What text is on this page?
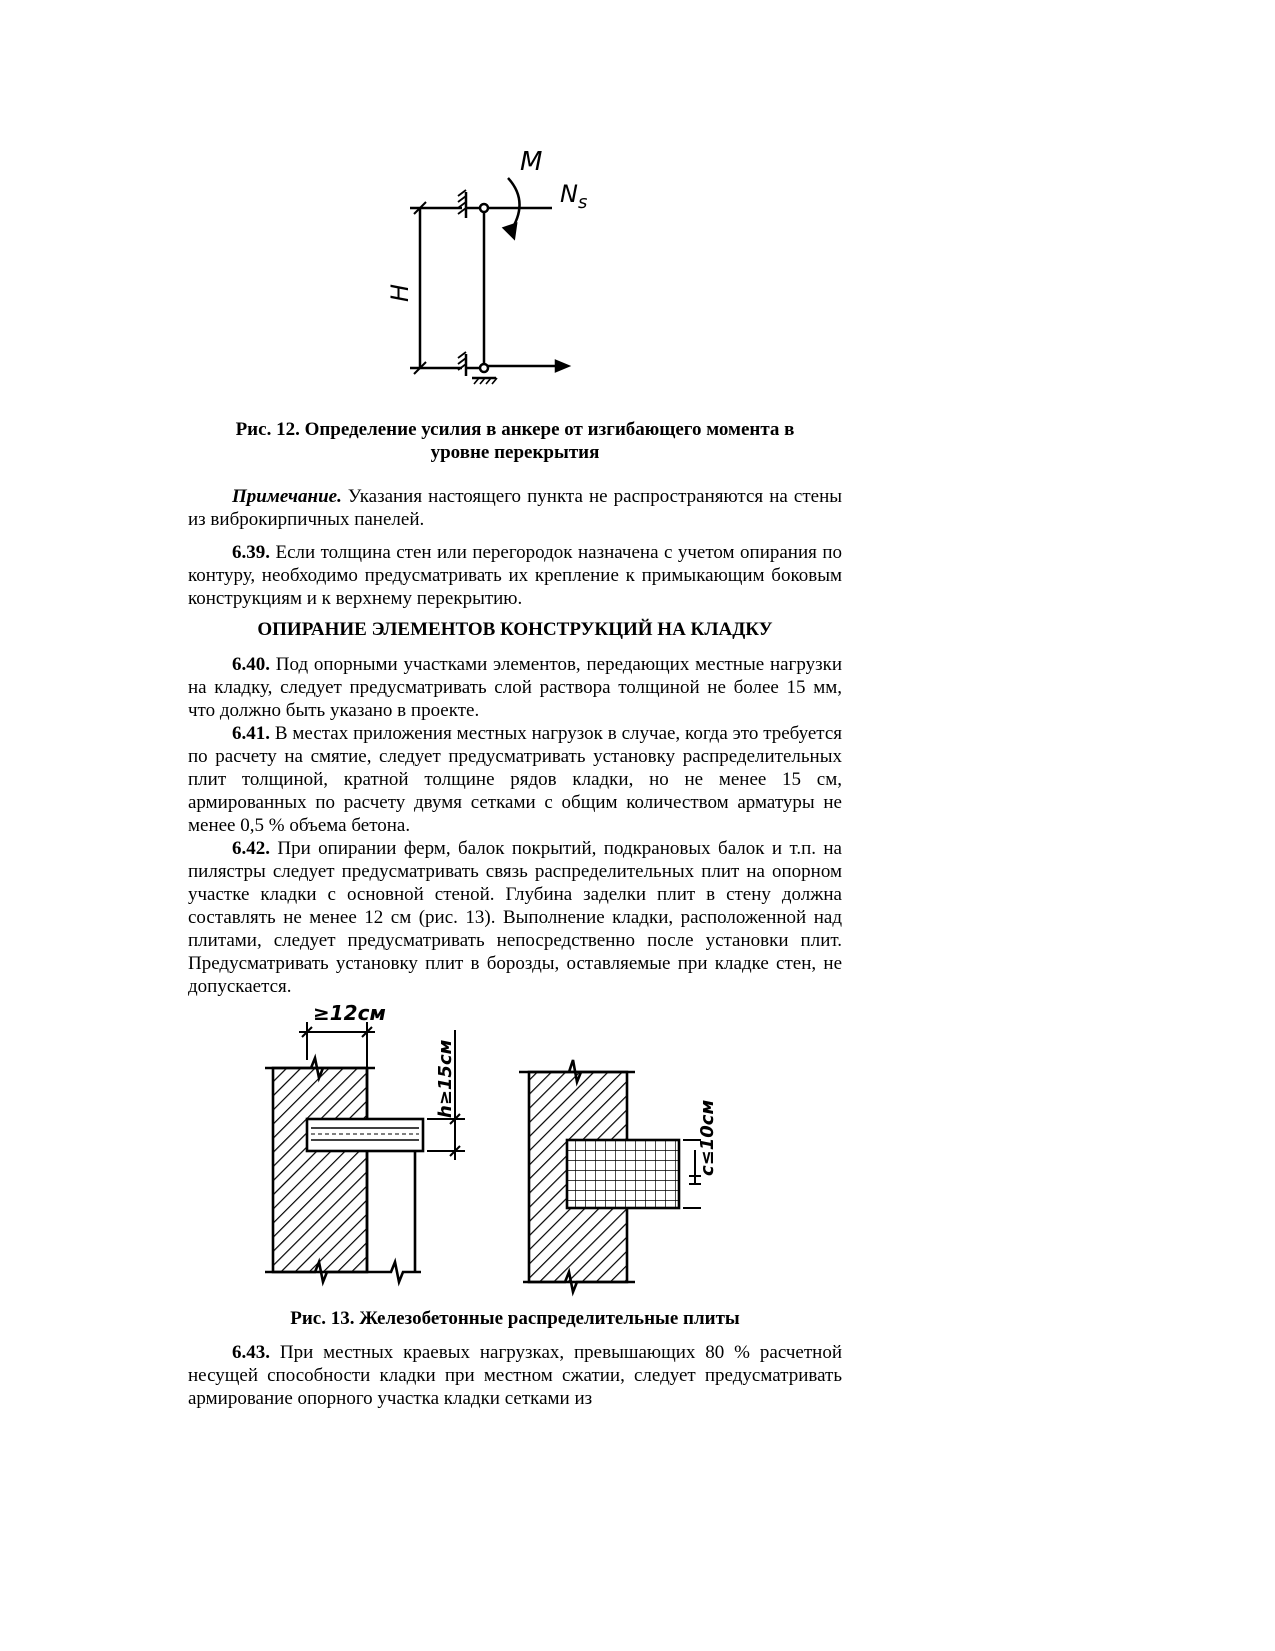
M
$N_s$
H
Рис. 12. Определение усилия в анкере от изгибающего момента в
уровне перекрытия

Примечание. Указания настоящего пункта не распространяются на стены из виброкирпичных панелей.

6.39. Если толщина стен или перегородок назначена с учетом опирания по контуру, необходимо предусматривать их крепление к примыкающим боковым конструкциям и к верхнему перекрытию.

ОПИРАНИЕ ЭЛЕМЕНТОВ КОНСТРУКЦИЙ НА КЛАДКУ

6.40. Под опорными участками элементов, передающих местные нагрузки на кладку, следует предусматривать слой раствора толщиной не более 15 мм, что должно быть указано в проекте.

6.41. В местах приложения местных нагрузок в случае, когда это требуется по расчету на смятие, следует предусматривать установку распределительных плит толщиной, кратной толщине рядов кладки, но не менее 15 см, армированных по расчету двумя сетками с общим количеством арматуры не менее 0,5 % объема бетона.

6.42. При опирании ферм, балок покрытий, подкрановых балок и т.п. на пилястры следует предусматривать связь распределительных плит на опорном участке кладки с основной стеной. Глубина заделки плит в стену должна составлять не менее 12 см (рис. 13). Выполнение кладки, расположенной над плитами, следует предусматривать непосредственно после установки плит. Предусматривать установку плит в борозды, оставляемые при кладке стен, не допускается.

≥12см
h≥15см
с≤10см
Рис. 13. Железобетонные распределительные плиты

6.43. При местных краевых нагрузках, превышающих 80 % расчетной несущей способности кладки при местном сжатии, следует предусматривать армирование опорного участка кладки сетками из
